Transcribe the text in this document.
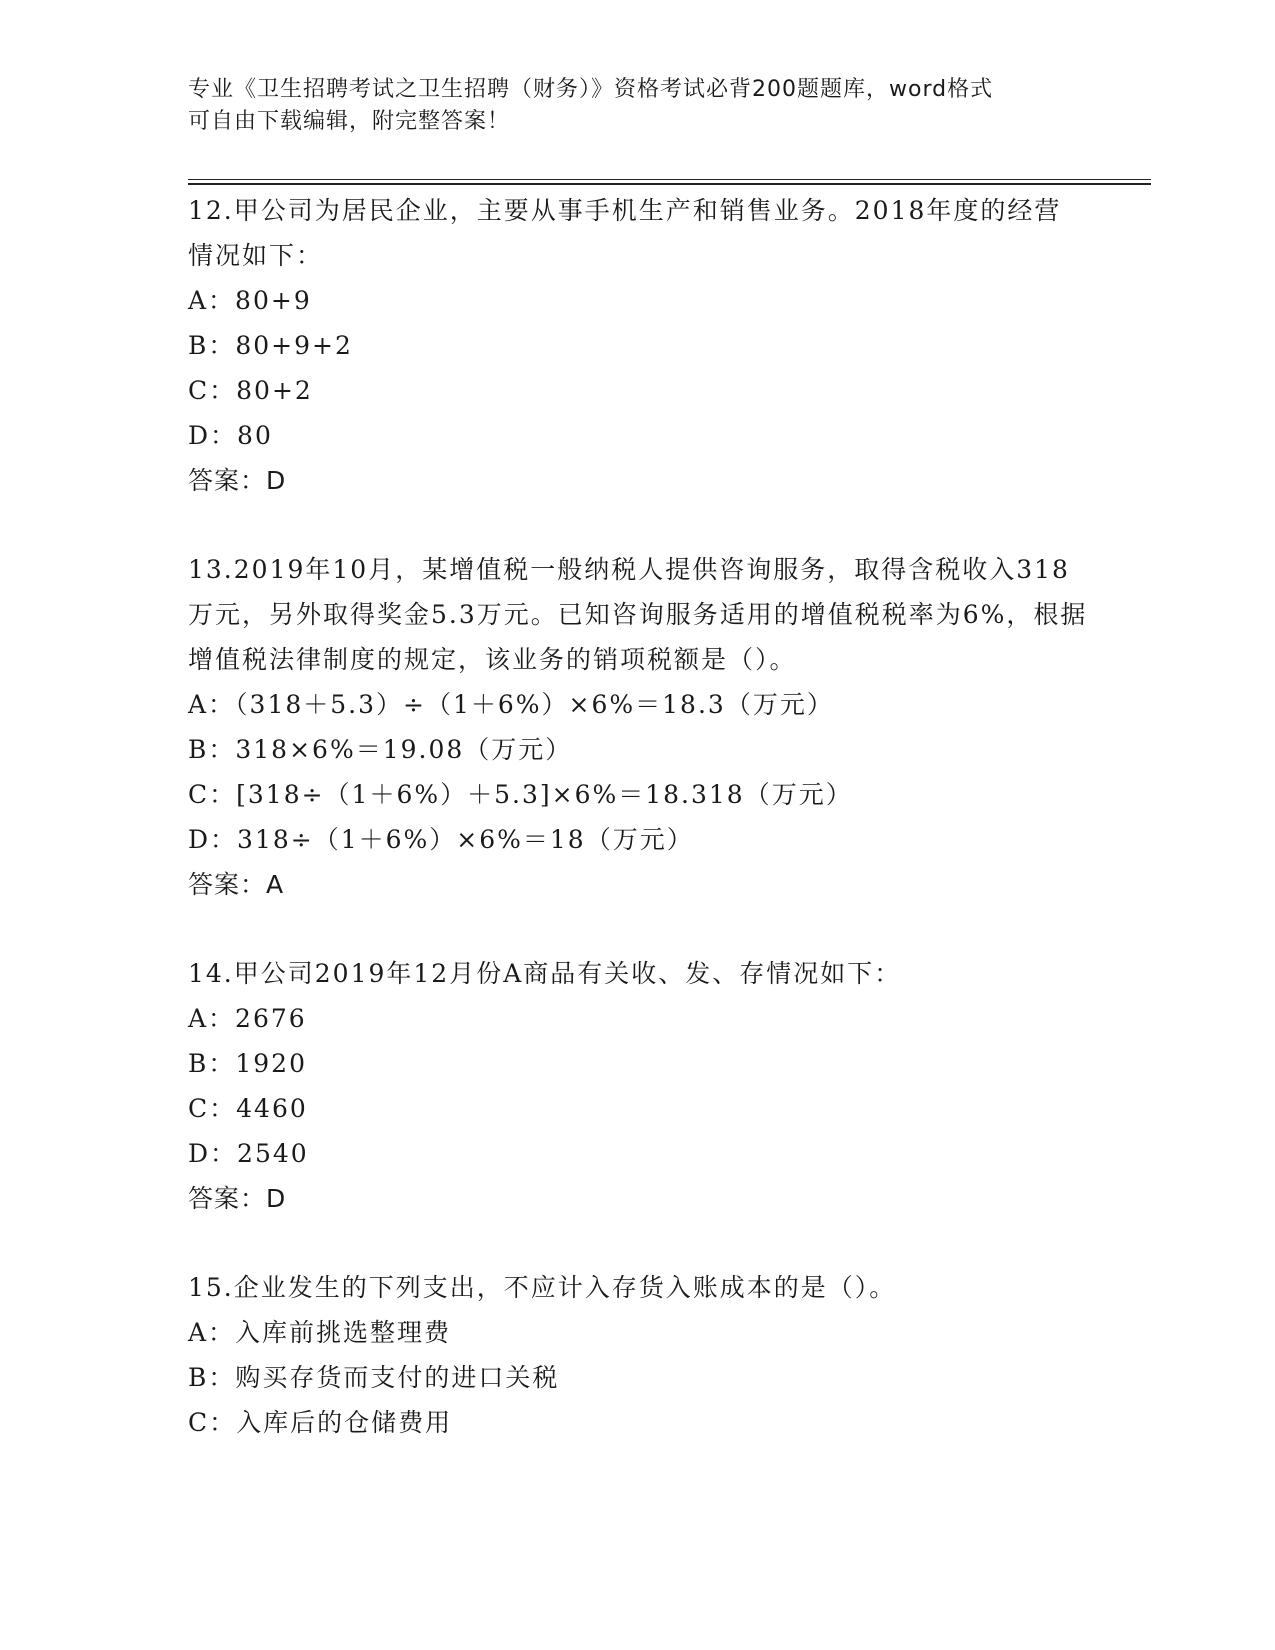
专业《卫生招聘考试之卫生招聘（财务）》资格考试必背200题题库，word格式
可自由下载编辑，附完整答案！

12.甲公司为居民企业，主要从事手机生产和销售业务。2018年度的经营情况如下：

A：80+9

B：80+9+2

C：80+2

D：80

答案：D

13.2019年10月，某增值税一般纳税人提供咨询服务，取得含税收入318万元，另外取得奖金5.3万元。已知咨询服务适用的增值税税率为6%，根据增值税法律制度的规定，该业务的销项税额是（）。

A：（318＋5.3）÷（1＋6%）×6%＝18.3（万元）

B：318×6%＝19.08（万元）

C：[318÷（1＋6%）＋5.3]×6%＝18.318（万元）

D：318÷（1＋6%）×6%＝18（万元）

答案：A

14.甲公司2019年12月份A商品有关收、发、存情况如下：

A：2676

B：1920

C：4460

D：2540

答案：D

15.企业发生的下列支出，不应计入存货入账成本的是（）。

A：入库前挑选整理费

B：购买存货而支付的进口关税

C：入库后的仓储费用
